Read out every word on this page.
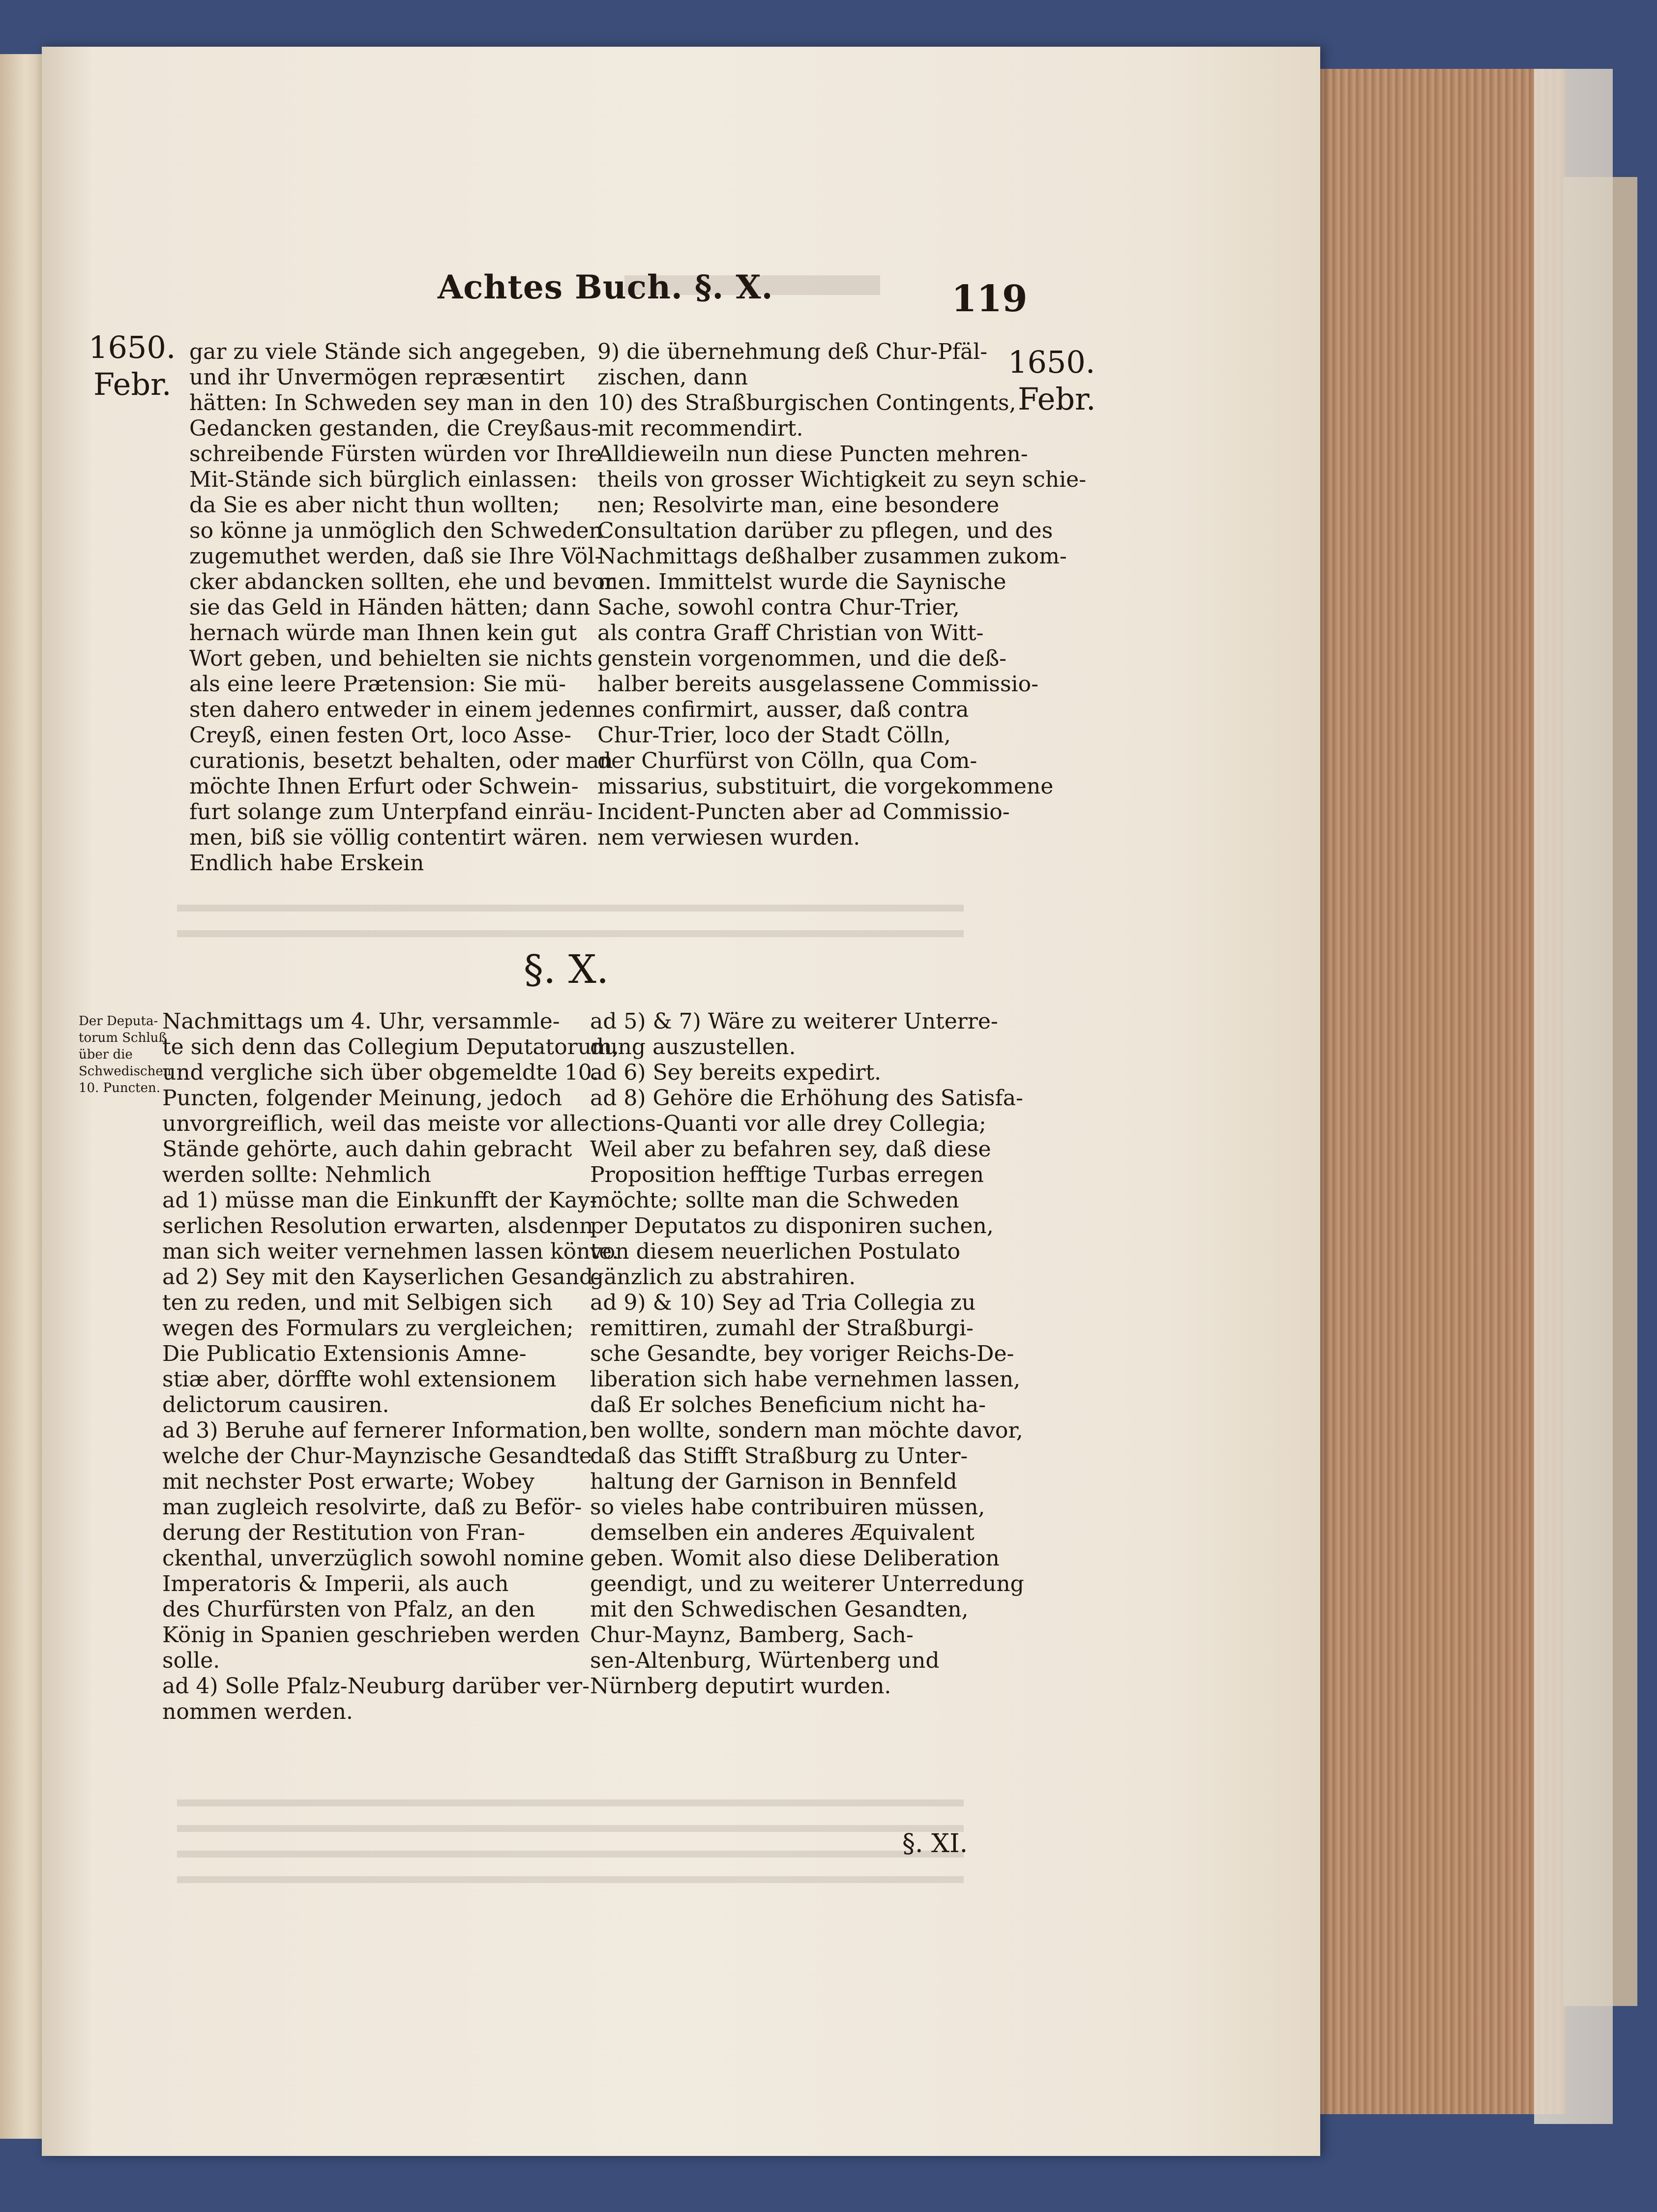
Achtes Buch. §. X.	119
1650.
Febr.
1650.
Febr.
gar zu viele Stände sich angegeben,
und ihr Unvermögen repræsentirt
hätten: In Schweden sey man in den
Gedancken gestanden, die Creyßaus-
schreibende Fürsten würden vor Ihre
Mit-Stände sich bürglich einlassen:
da Sie es aber nicht thun wollten;
so könne ja unmöglich den Schweden
zugemuthet werden, daß sie Ihre Völ-
cker abdancken sollten, ehe und bevor
sie das Geld in Händen hätten; dann
hernach würde man Ihnen kein gut
Wort geben, und behielten sie nichts
als eine leere Prætension: Sie mü-
sten dahero entweder in einem jeden
Creyß, einen festen Ort, loco Asse-
curationis, besetzt behalten, oder man
möchte Ihnen Erfurt oder Schwein-
furt solange zum Unterpfand einräu-
men, biß sie völlig contentirt wären.
Endlich habe Erskein
9) die übernehmung deß Chur-Pfäl-
zischen, dann
10) des Straßburgischen Contingents,
mit recommendirt.
Alldieweiln nun diese Puncten mehren-
theils von grosser Wichtigkeit zu seyn schie-
nen; Resolvirte man, eine besondere
Consultation darüber zu pflegen, und des
Nachmittags deßhalber zusammen zukom-
men. Immittelst wurde die Saynische
Sache, sowohl contra Chur-Trier,
als contra Graff Christian von Witt-
genstein vorgenommen, und die deß-
halber bereits ausgelassene Commissio-
nes confirmirt, ausser, daß contra
Chur-Trier, loco der Stadt Cölln,
der Churfürst von Cölln, qua Com-
missarius, substituirt, die vorgekommene
Incident-Puncten aber ad Commissio-
nem verwiesen wurden.
§. X.
Der Deputa-
torum Schluß
über die
Schwedischen
10. Puncten.
Nachmittags um 4. Uhr, versammle-
te sich denn das Collegium Deputatorum,
und vergliche sich über obgemeldte 10.
Puncten, folgender Meinung, jedoch
unvorgreiflich, weil das meiste vor alle
Stände gehörte, auch dahin gebracht
werden sollte: Nehmlich
ad 1) müsse man die Einkunfft der Kay-
serlichen Resolution erwarten, alsdenn
man sich weiter vernehmen lassen könte.
ad 2) Sey mit den Kayserlichen Gesand-
ten zu reden, und mit Selbigen sich
wegen des Formulars zu vergleichen;
Die Publicatio Extensionis Amne-
stiæ aber, dörffte wohl extensionem
delictorum causiren.
ad 3) Beruhe auf fernerer Information,
welche der Chur-Maynzische Gesandte
mit nechster Post erwarte; Wobey
man zugleich resolvirte, daß zu Beför-
derung der Restitution von Fran-
ckenthal, unverzüglich sowohl nomine
Imperatoris & Imperii, als auch
des Churfürsten von Pfalz, an den
König in Spanien geschrieben werden
solle.
ad 4) Solle Pfalz-Neuburg darüber ver-
nommen werden.
ad 5) & 7) Wäre zu weiterer Unterre-
dung auszustellen.
ad 6) Sey bereits expedirt.
ad 8) Gehöre die Erhöhung des Satisfa-
ctions-Quanti vor alle drey Collegia;
Weil aber zu befahren sey, daß diese
Proposition hefftige Turbas erregen
möchte; sollte man die Schweden
per Deputatos zu disponiren suchen,
von diesem neuerlichen Postulato
gänzlich zu abstrahiren.
ad 9) & 10) Sey ad Tria Collegia zu
remittiren, zumahl der Straßburgi-
sche Gesandte, bey voriger Reichs-De-
liberation sich habe vernehmen lassen,
daß Er solches Beneficium nicht ha-
ben wollte, sondern man möchte davor,
daß das Stifft Straßburg zu Unter-
haltung der Garnison in Bennfeld
so vieles habe contribuiren müssen,
demselben ein anderes Æquivalent
geben. Womit also diese Deliberation
geendigt, und zu weiterer Unterredung
mit den Schwedischen Gesandten,
Chur-Maynz, Bamberg, Sach-
sen-Altenburg, Würtenberg und
Nürnberg deputirt wurden.
§. XI.
